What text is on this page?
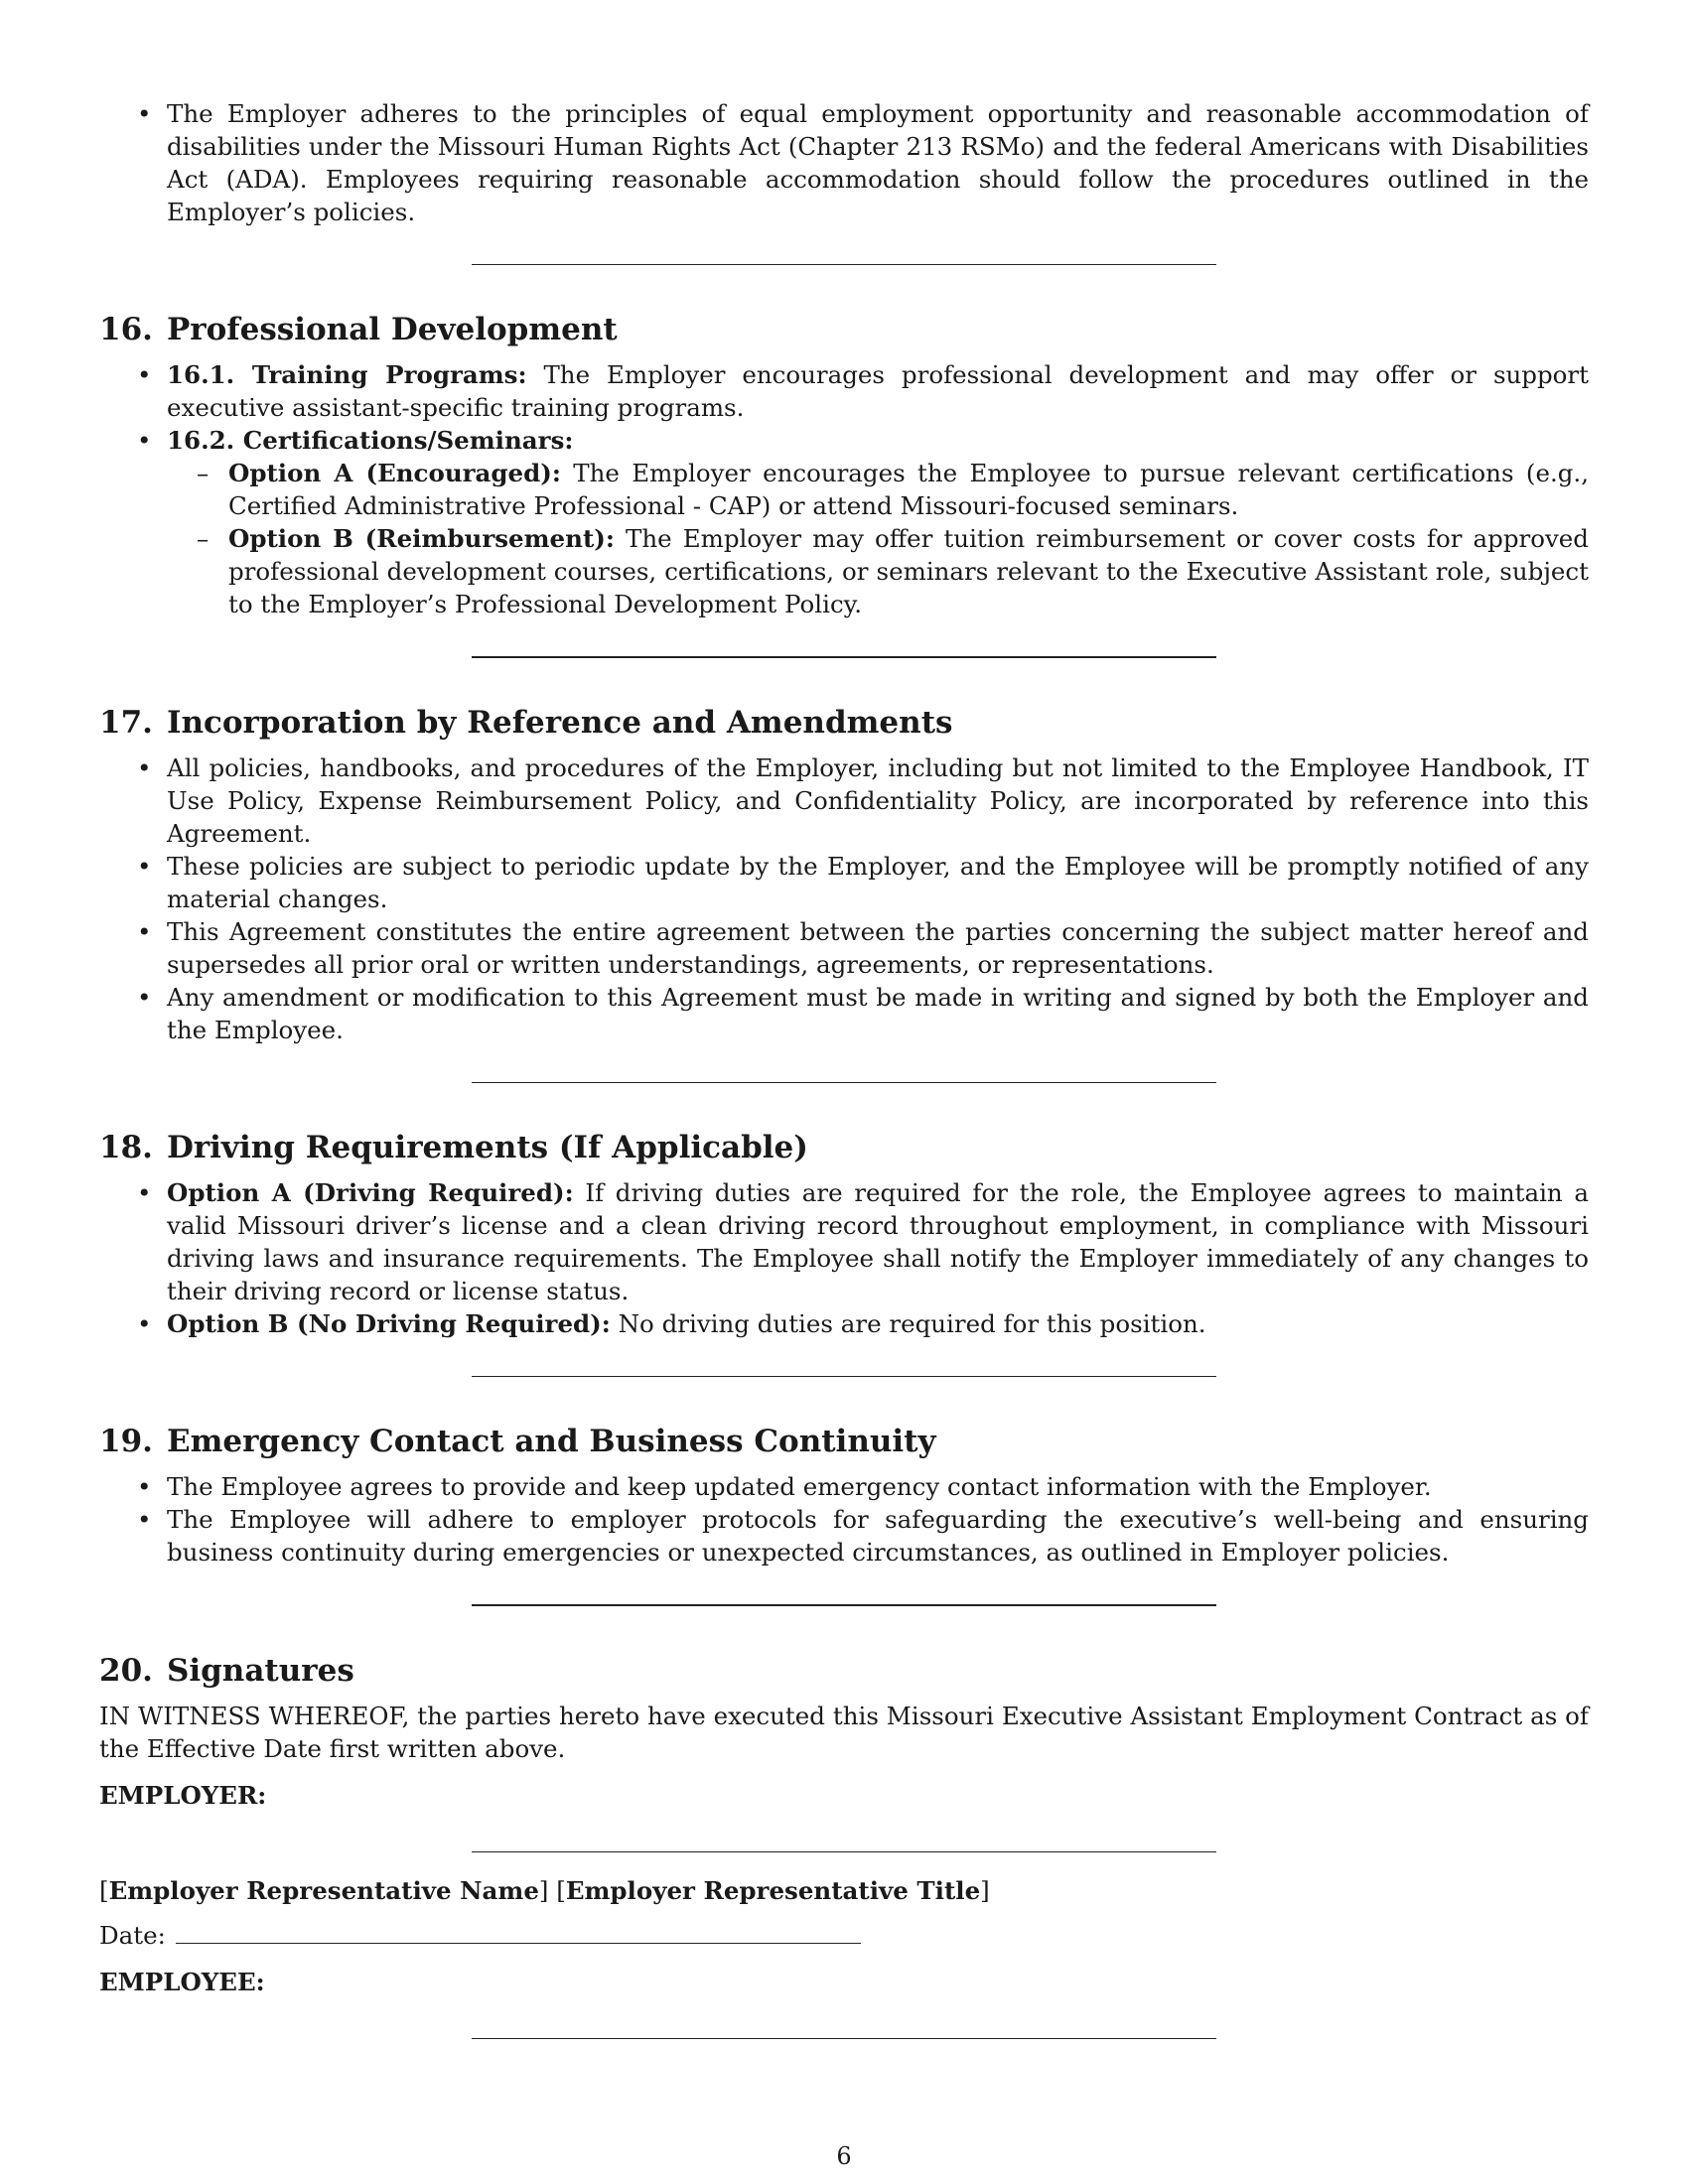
• The Employer adheres to the principles of equal employment opportunity and reasonable accommodation of disabilities under the Missouri Human Rights Act (Chapter 213 RSMo) and the federal Americans with Disabilities Act (ADA). Employees requiring reasonable accommodation should follow the procedures outlined in the Employer’s policies.
16. Professional Development
• 16.1. Training Programs: The Employer encourages professional development and may offer or support executive assistant-specific training programs.
• 16.2. Certifications/Seminars:
– Option A (Encouraged): The Employer encourages the Employee to pursue relevant certifications (e.g., Certified Administrative Professional - CAP) or attend Missouri-focused seminars.
– Option B (Reimbursement): The Employer may offer tuition reimbursement or cover costs for approved professional development courses, certifications, or seminars relevant to the Executive Assistant role, subject to the Employer’s Professional Development Policy.
17. Incorporation by Reference and Amendments
• All policies, handbooks, and procedures of the Employer, including but not limited to the Employee Handbook, IT Use Policy, Expense Reimbursement Policy, and Confidentiality Policy, are incorporated by reference into this Agreement.
• These policies are subject to periodic update by the Employer, and the Employee will be promptly notified of any material changes.
• This Agreement constitutes the entire agreement between the parties concerning the subject matter hereof and supersedes all prior oral or written understandings, agreements, or representations.
• Any amendment or modification to this Agreement must be made in writing and signed by both the Employer and the Employee.
18. Driving Requirements (If Applicable)
• Option A (Driving Required): If driving duties are required for the role, the Employee agrees to maintain a valid Missouri driver’s license and a clean driving record throughout employment, in compliance with Missouri driving laws and insurance requirements. The Employee shall notify the Employer immediately of any changes to their driving record or license status.
• Option B (No Driving Required): No driving duties are required for this position.
19. Emergency Contact and Business Continuity
• The Employee agrees to provide and keep updated emergency contact information with the Employer.
• The Employee will adhere to employer protocols for safeguarding the executive’s well-being and ensuring business continuity during emergencies or unexpected circumstances, as outlined in Employer policies.
20. Signatures

IN WITNESS WHEREOF, the parties hereto have executed this Missouri Executive Assistant Employment Contract as of the Effective Date first written above.

EMPLOYER:
[Employer Representative Name] [Employer Representative Title]
Date:
EMPLOYEE:
6
